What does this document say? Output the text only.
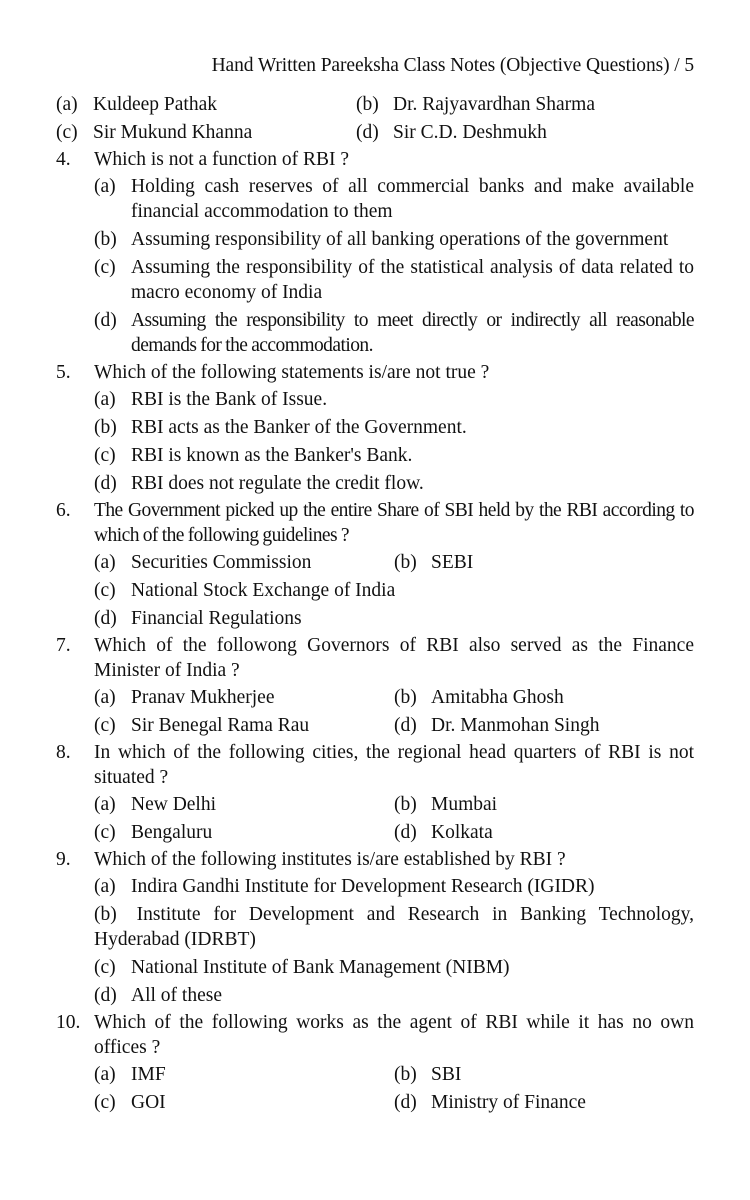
Hand Written Pareeksha Class Notes (Objective Questions) / 5
(a) Kuldeep Pathak	(b) Dr. Rajyavardhan Sharma
(c) Sir Mukund Khanna	(d) Sir C.D. Deshmukh
4.	Which is not a function of RBI ?
(a) Holding cash reserves of all commercial banks and make available financial accommodation to them
(b) Assuming responsibility of all banking operations of the government
(c) Assuming the responsibility of the statistical analysis of data related to macro economy of India
(d) Assuming the responsibility to meet directly or indirectly all reasonable demands for the accommodation.
5.	Which of the following statements is/are not true ?
(a) RBI is the Bank of Issue.
(b) RBI acts as the Banker of the Government.
(c) RBI is known as the Banker's Bank.
(d) RBI does not regulate the credit flow.
6.	The Government picked up the entire Share of SBI held by the RBI according to which of the following guidelines ?
(a) Securities Commission	(b) SEBI
(c) National Stock Exchange of India
(d) Financial Regulations
7.	Which of the followong Governors of RBI also served as the Finance Minister of India ?
(a) Pranav Mukherjee	(b) Amitabha Ghosh
(c) Sir Benegal Rama Rau	(d) Dr. Manmohan Singh
8.	In which of the following cities, the regional head quarters of RBI is not situated ?
(a) New Delhi	(b) Mumbai
(c) Bengaluru	(d) Kolkata
9.	Which of the following institutes is/are established by RBI ?
(a) Indira Gandhi Institute for Development Research (IGIDR)
(b) Institute for Development and Research in Banking Technology, Hyderabad (IDRBT)
(c) National Institute of Bank Management (NIBM)
(d) All of these
10. Which of the following works as the agent of RBI while it has no own offices ?
(a) IMF	(b) SBI
(c) GOI	(d) Ministry of Finance
